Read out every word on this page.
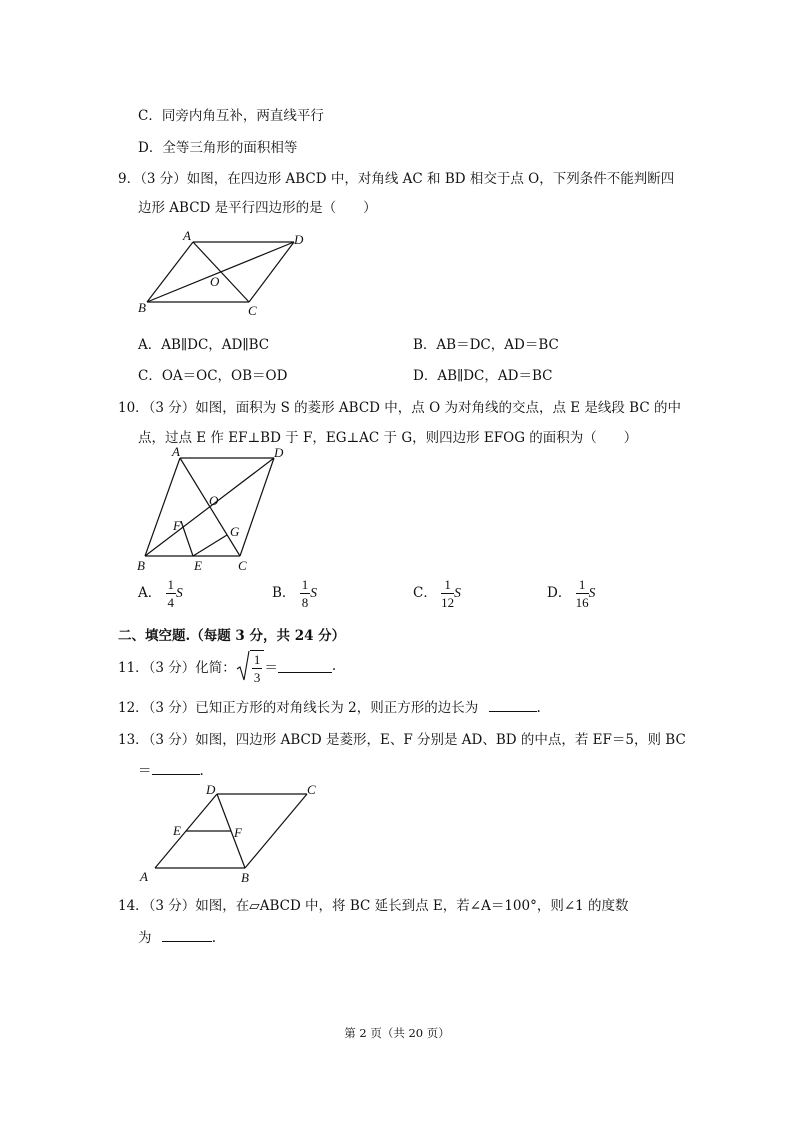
C．同旁内角互补，两直线平行
D．全等三角形的面积相等
9．（3 分）如图，在四边形 ABCD 中，对角线 AC 和 BD 相交于点 O，下列条件不能判断四
边形 ABCD 是平行四边形的是（　　）
A	D
O
B	C
A．AB∥DC，AD∥BC	B．AB＝DC，AD＝BC
C．OA＝OC，OB＝OD	D．AB∥DC，AD＝BC
10．（3 分）如图，面积为 S 的菱形 ABCD 中，点 O 为对角线的交点，点 E 是线段 BC 的中
点，过点 E 作 EF⊥BD 于 F，EG⊥AC 于 G，则四边形 EFOG 的面积为（　　）
A	D
O
F	G
B	E	C
A． $\frac{1}{4}$ S	B． $\frac{1}{8}$ S	C． $\frac{1}{12}$ S	D． $\frac{1}{16}$ S
二、填空题.（每题 3 分，共 24 分）
11．（3 分）化简： $\frac{1}{3}$ ＝	.
12．（3 分）已知正方形的对角线长为 2，则正方形的边长为	.
13．（3 分）如图，四边形 ABCD 是菱形，E、F 分别是 AD、BD 的中点，若 EF＝5，则 BC
＝	.
D	C
E	F
A	B
14．（3 分）如图，在▱ABCD 中，将 BC 延长到点 E，若∠A＝100°，则∠1 的度数
为	.
第 2 页（共 20 页）
